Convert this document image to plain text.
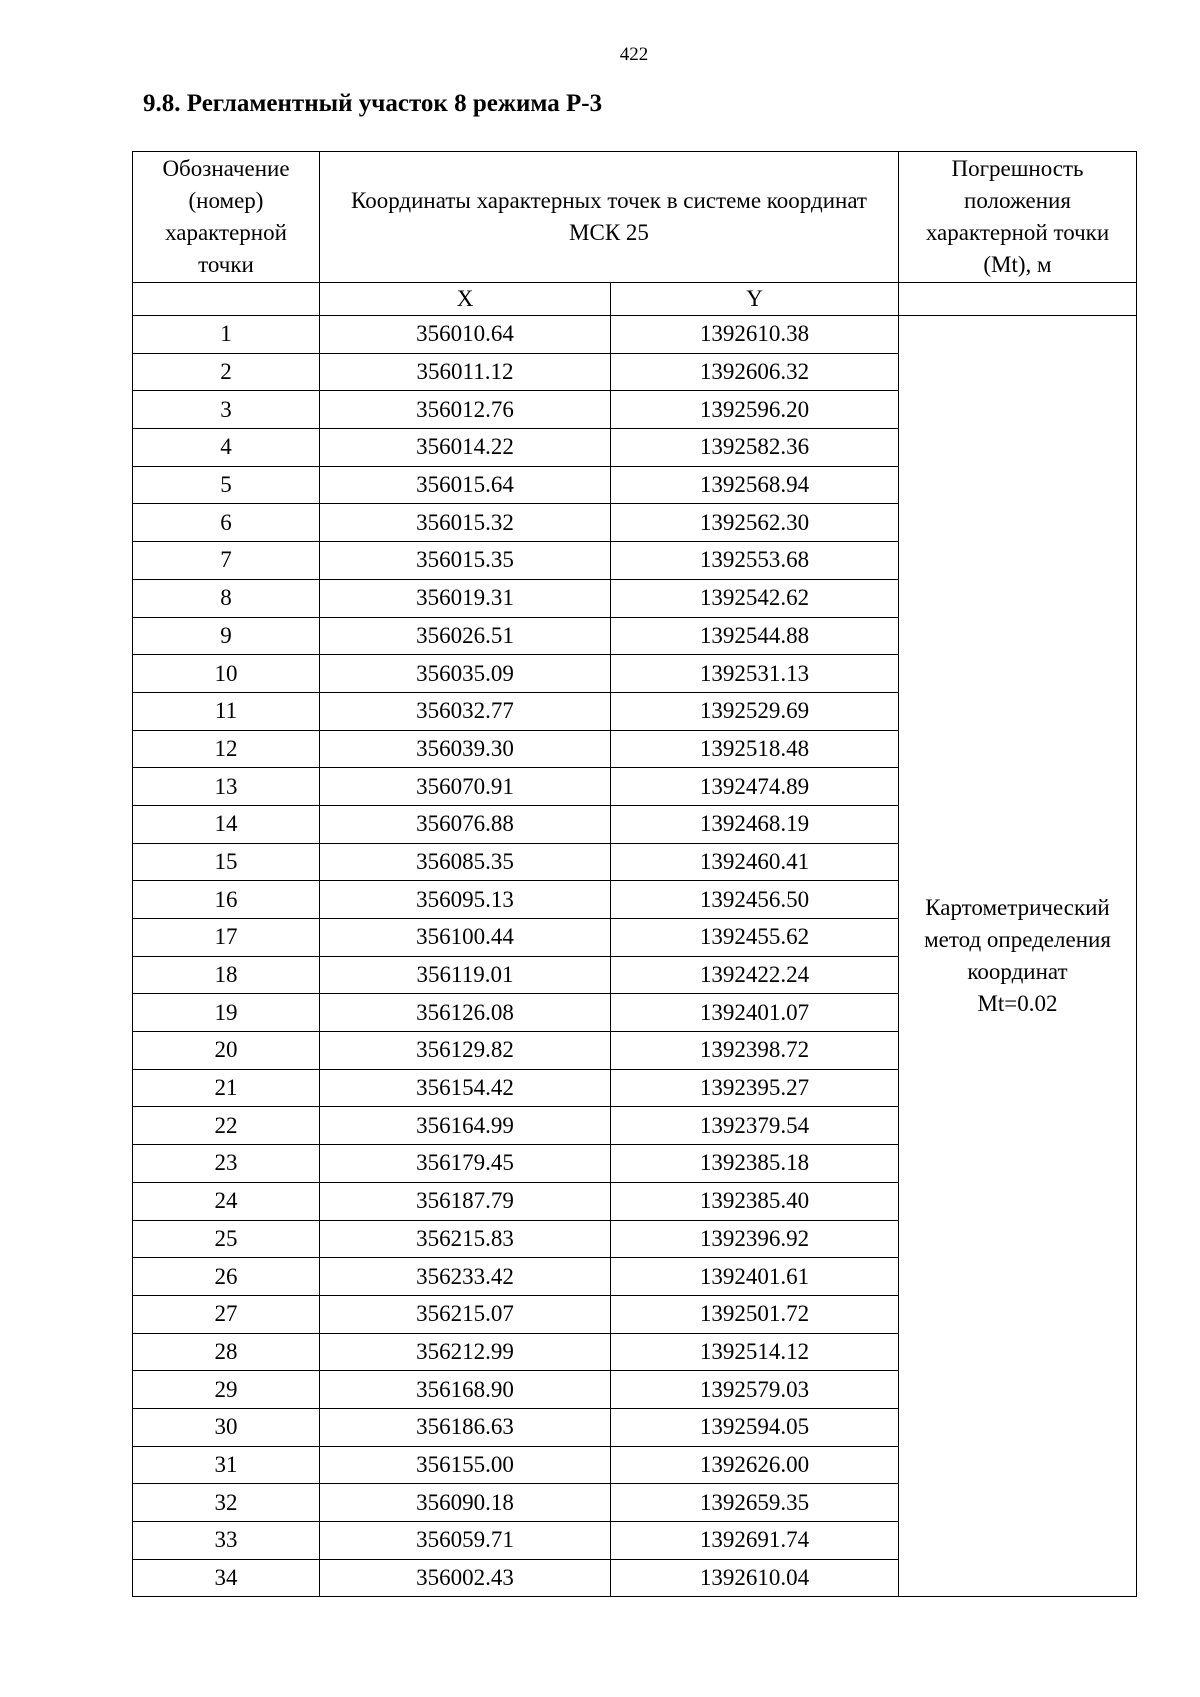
422
9.8. Регламентный участок 8 режима Р-3
Обозначение (номер) характерной точки	Координаты характерных точек в системе координат МСК 25		Погрешность положения характерной точки (Mt), м
	X	Y	
1	356010.64	1392610.38	Картометрический
метод определения
координат
Mt=0.02

2	356011.12	1392606.32	
3	356012.76	1392596.20	
4	356014.22	1392582.36	
5	356015.64	1392568.94	
6	356015.32	1392562.30	
7	356015.35	1392553.68	
8	356019.31	1392542.62	
9	356026.51	1392544.88	
10	356035.09	1392531.13	
11	356032.77	1392529.69	
12	356039.30	1392518.48	
13	356070.91	1392474.89	
14	356076.88	1392468.19	
15	356085.35	1392460.41	
16	356095.13	1392456.50	
17	356100.44	1392455.62	
18	356119.01	1392422.24	
19	356126.08	1392401.07	
20	356129.82	1392398.72	
21	356154.42	1392395.27	
22	356164.99	1392379.54	
23	356179.45	1392385.18	
24	356187.79	1392385.40	
25	356215.83	1392396.92	
26	356233.42	1392401.61	
27	356215.07	1392501.72	
28	356212.99	1392514.12	
29	356168.90	1392579.03	
30	356186.63	1392594.05	
31	356155.00	1392626.00	
32	356090.18	1392659.35	
33	356059.71	1392691.74	
34	356002.43	1392610.04	
